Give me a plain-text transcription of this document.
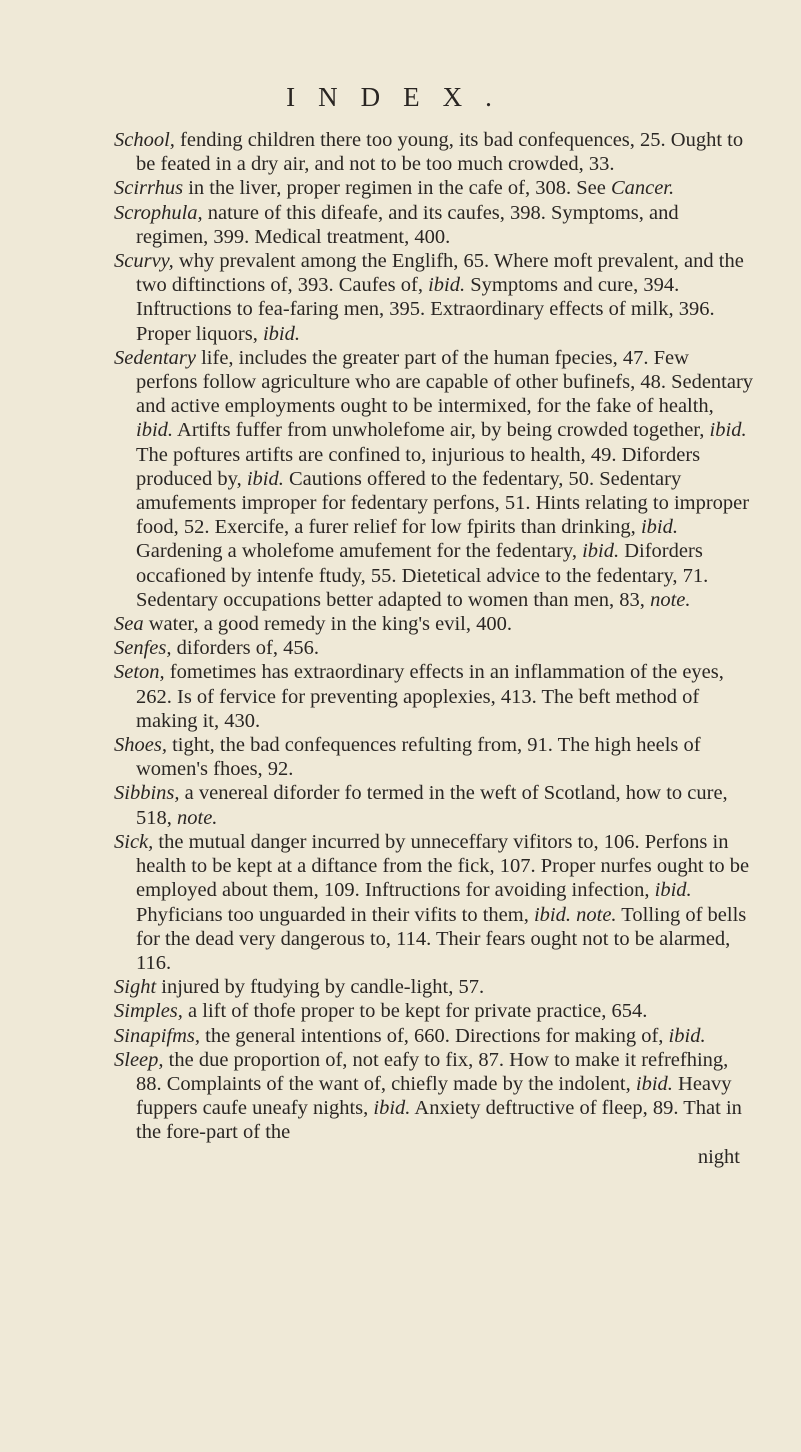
INDEX.

School, fending children there too young, its bad confequences, 25. Ought to be feated in a dry air, and not to be too much crowded, 33.

Scirrhus in the liver, proper regimen in the cafe of, 308. See Cancer.

Scrophula, nature of this difeafe, and its caufes, 398. Symptoms, and regimen, 399. Medical treatment, 400.

Scurvy, why prevalent among the Englifh, 65. Where moft prevalent, and the two diftinctions of, 393. Caufes of, ibid. Symptoms and cure, 394. Inftructions to fea-faring men, 395. Extraordinary effects of milk, 396. Proper liquors, ibid.

Sedentary life, includes the greater part of the human fpecies, 47. Few perfons follow agriculture who are capable of other bufinefs, 48. Sedentary and active employments ought to be intermixed, for the fake of health, ibid. Artifts fuffer from unwholefome air, by being crowded together, ibid. The poftures artifts are confined to, injurious to health, 49. Diforders produced by, ibid. Cautions offered to the fedentary, 50. Sedentary amufements improper for fedentary perfons, 51. Hints relating to improper food, 52. Exercife, a furer relief for low fpirits than drinking, ibid. Gardening a wholefome amufement for the fedentary, ibid. Diforders occafioned by intenfe ftudy, 55. Dietetical advice to the fedentary, 71. Sedentary occupations better adapted to women than men, 83, note.

Sea water, a good remedy in the king's evil, 400.

Senfes, diforders of, 456.

Seton, fometimes has extraordinary effects in an inflammation of the eyes, 262. Is of fervice for preventing apoplexies, 413. The beft method of making it, 430.

Shoes, tight, the bad confequences refulting from, 91. The high heels of women's fhoes, 92.

Sibbins, a venereal diforder fo termed in the weft of Scotland, how to cure, 518, note.

Sick, the mutual danger incurred by unneceffary vifitors to, 106. Perfons in health to be kept at a diftance from the fick, 107. Proper nurfes ought to be employed about them, 109. Inftructions for avoiding infection, ibid. Phyficians too unguarded in their vifits to them, ibid. note. Tolling of bells for the dead very dangerous to, 114. Their fears ought not to be alarmed, 116.

Sight injured by ftudying by candle-light, 57.

Simples, a lift of thofe proper to be kept for private practice, 654.

Sinapifms, the general intentions of, 660. Directions for making of, ibid.

Sleep, the due proportion of, not eafy to fix, 87. How to make it refrefhing, 88. Complaints of the want of, chiefly made by the indolent, ibid. Heavy fuppers caufe uneafy nights, ibid. Anxiety deftructive of fleep, 89. That in the fore-part of the

night
